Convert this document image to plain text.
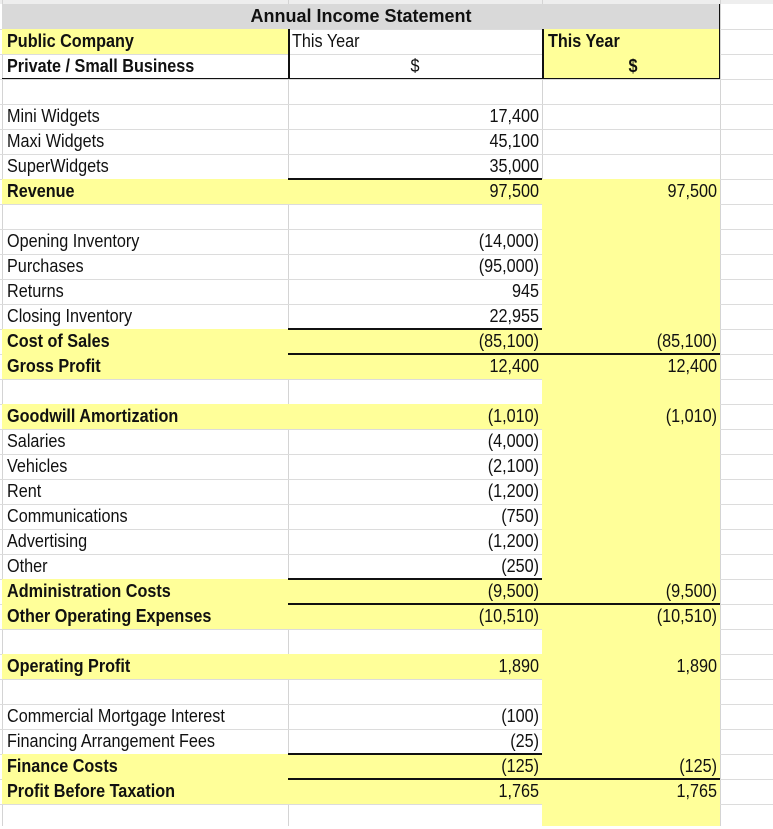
Annual Income Statement
Public Company	This Year	This Year
Private / Small Business	$	$
Mini Widgets	17,400
Maxi Widgets	45,100
SuperWidgets	35,000
Revenue	97,500	97,500
Opening Inventory	(14,000)
Purchases	(95,000)
Returns	945
Closing Inventory	22,955
Cost of Sales	(85,100)	(85,100)
Gross Profit	12,400	12,400
Goodwill Amortization	(1,010)	(1,010)
Salaries	(4,000)
Vehicles	(2,100)
Rent	(1,200)
Communications	(750)
Advertising	(1,200)
Other	(250)
Administration Costs	(9,500)	(9,500)
Other Operating Expenses	(10,510)	(10,510)
Operating Profit	1,890	1,890
Commercial Mortgage Interest	(100)
Financing Arrangement Fees	(25)
Finance Costs	(125)	(125)
Profit Before Taxation	1,765	1,765
